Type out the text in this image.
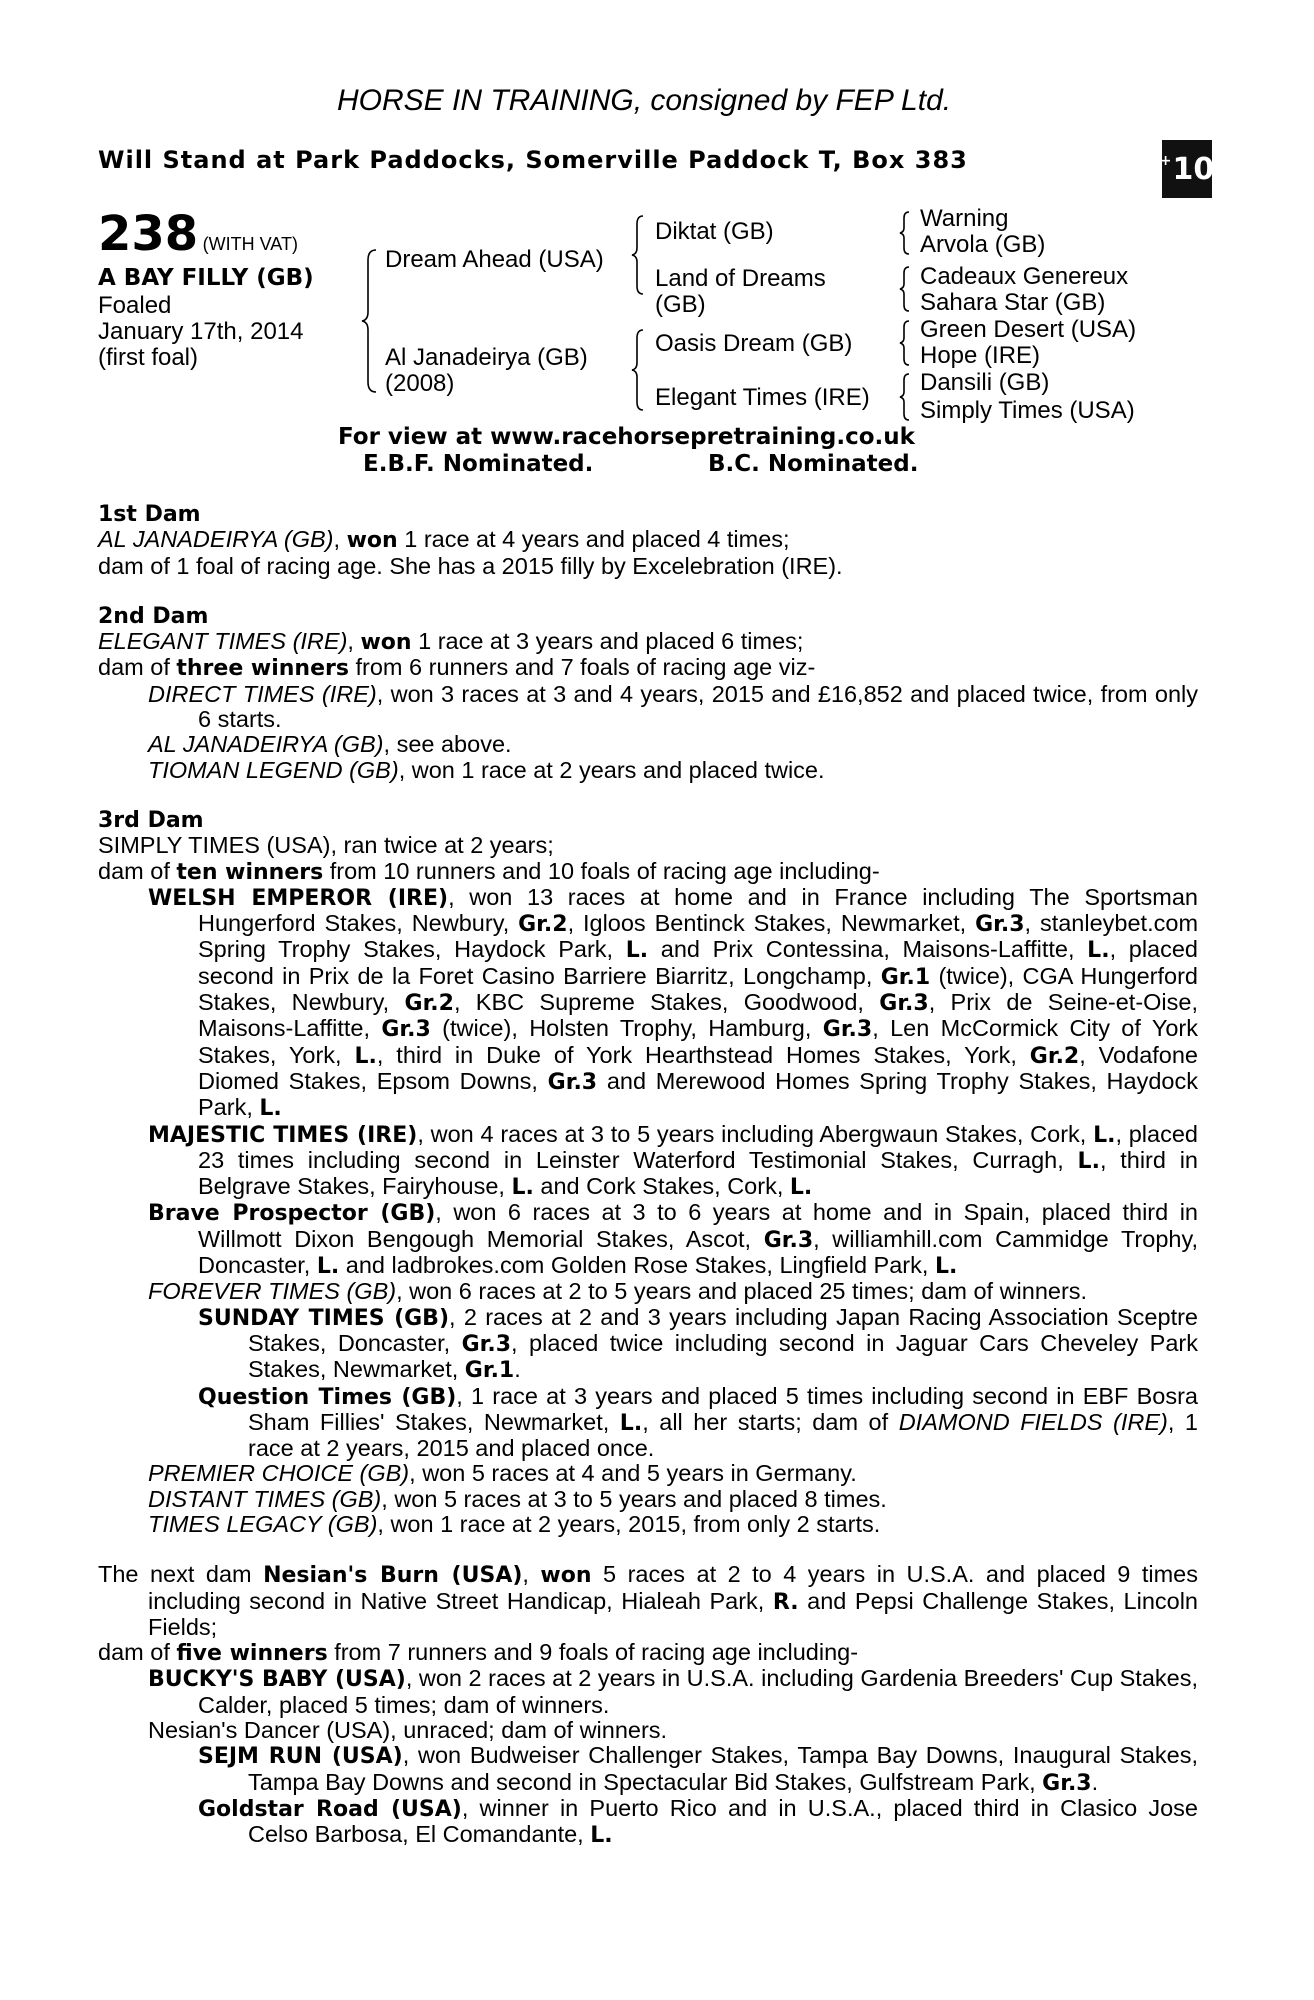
HORSE IN TRAINING, consigned by FEP Ltd.
Will Stand at Park Paddocks, Somerville Paddock T, Box 383	+ 10
238 (WITH VAT)
A BAY FILLY (GB)
Foaled
January 17th, 2014
(first foal)
Dream Ahead (USA)
Al Janadeirya (GB)
(2008)
Diktat (GB)
Land of Dreams
(GB)
Oasis Dream (GB)
Elegant Times (IRE)
Warning
Arvola (GB)
Cadeaux Genereux
Sahara Star (GB)
Green Desert (USA)
Hope (IRE)
Dansili (GB)
Simply Times (USA)
For view at www.racehorsepretraining.co.uk
E.B.F. Nominated.	B.C. Nominated.

1st Dam

AL JANADEIRYA (GB), won 1 race at 4 years and placed 4 times;

dam of 1 foal of racing age. She has a 2015 filly by Excelebration (IRE).

2nd Dam

ELEGANT TIMES (IRE), won 1 race at 3 years and placed 6 times;

dam of three winners from 6 runners and 7 foals of racing age viz-

DIRECT TIMES (IRE), won 3 races at 3 and 4 years, 2015 and £16,852 and placed twice, from only 6 starts.

AL JANADEIRYA (GB), see above.

TIOMAN LEGEND (GB), won 1 race at 2 years and placed twice.

3rd Dam

SIMPLY TIMES (USA), ran twice at 2 years;

dam of ten winners from 10 runners and 10 foals of racing age including-

WELSH EMPEROR (IRE), won 13 races at home and in France including The Sportsman Hungerford Stakes, Newbury, Gr.2, Igloos Bentinck Stakes, Newmarket, Gr.3, stanleybet.com Spring Trophy Stakes, Haydock Park, L. and Prix Contessina, Maisons-Laffitte, L., placed second in Prix de la Foret Casino Barriere Biarritz, Longchamp, Gr.1 (twice), CGA Hungerford Stakes, Newbury, Gr.2, KBC Supreme Stakes, Goodwood, Gr.3, Prix de Seine-et-Oise, Maisons-Laffitte, Gr.3 (twice), Holsten Trophy, Hamburg, Gr.3, Len McCormick City of York Stakes, York, L., third in Duke of York Hearthstead Homes Stakes, York, Gr.2, Vodafone Diomed Stakes, Epsom Downs, Gr.3 and Merewood Homes Spring Trophy Stakes, Haydock Park, L.

MAJESTIC TIMES (IRE), won 4 races at 3 to 5 years including Abergwaun Stakes, Cork, L., placed 23 times including second in Leinster Waterford Testimonial Stakes, Curragh, L., third in Belgrave Stakes, Fairyhouse, L. and Cork Stakes, Cork, L.

Brave Prospector (GB), won 6 races at 3 to 6 years at home and in Spain, placed third in Willmott Dixon Bengough Memorial Stakes, Ascot, Gr.3, williamhill.com Cammidge Trophy, Doncaster, L. and ladbrokes.com Golden Rose Stakes, Lingfield Park, L.

FOREVER TIMES (GB), won 6 races at 2 to 5 years and placed 25 times; dam of winners.

SUNDAY TIMES (GB), 2 races at 2 and 3 years including Japan Racing Association Sceptre Stakes, Doncaster, Gr.3, placed twice including second in Jaguar Cars Cheveley Park Stakes, Newmarket, Gr.1.

Question Times (GB), 1 race at 3 years and placed 5 times including second in EBF Bosra Sham Fillies' Stakes, Newmarket, L., all her starts; dam of DIAMOND FIELDS (IRE), 1 race at 2 years, 2015 and placed once.

PREMIER CHOICE (GB), won 5 races at 4 and 5 years in Germany.

DISTANT TIMES (GB), won 5 races at 3 to 5 years and placed 8 times.

TIMES LEGACY (GB), won 1 race at 2 years, 2015, from only 2 starts.

The next dam Nesian's Burn (USA), won 5 races at 2 to 4 years in U.S.A. and placed 9 times including second in Native Street Handicap, Hialeah Park, R. and Pepsi Challenge Stakes, Lincoln Fields;

dam of five winners from 7 runners and 9 foals of racing age including-

BUCKY'S BABY (USA), won 2 races at 2 years in U.S.A. including Gardenia Breeders' Cup Stakes, Calder, placed 5 times; dam of winners.

Nesian's Dancer (USA), unraced; dam of winners.

SEJM RUN (USA), won Budweiser Challenger Stakes, Tampa Bay Downs, Inaugural Stakes, Tampa Bay Downs and second in Spectacular Bid Stakes, Gulfstream Park, Gr.3.

Goldstar Road (USA), winner in Puerto Rico and in U.S.A., placed third in Clasico Jose Celso Barbosa, El Comandante, L.
